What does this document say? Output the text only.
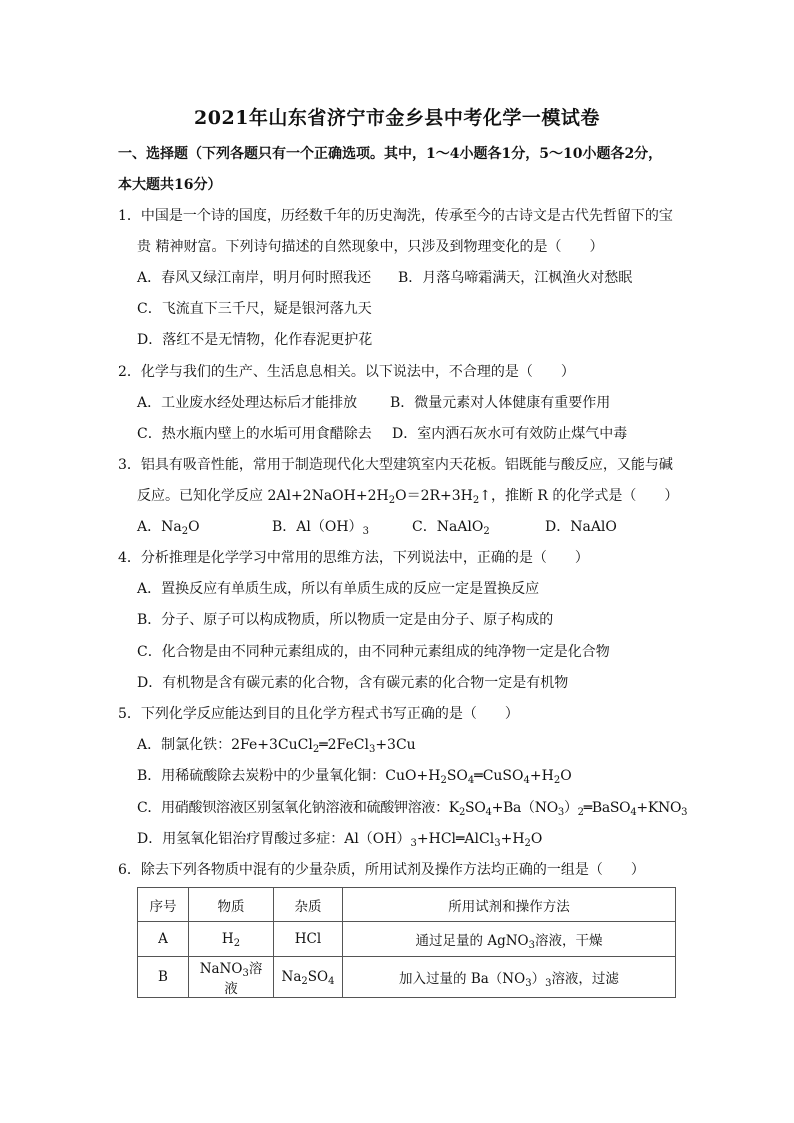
2021年山东省济宁市金乡县中考化学一模试卷
一、选择题（下列各题只有一个正确选项。其中，1～4小题各1分，5～10小题各2分，
本大题共16分）
1．中国是一个诗的国度，历经数千年的历史淘洗，传承至今的古诗文是古代先哲留下的宝
贵 精神财富。下列诗句描述的自然现象中，只涉及到物理变化的是（　　）
A．春风又绿江南岸，明月何时照我还 B．月落乌啼霜满天，江枫渔火对愁眠
C．飞流直下三千尺，疑是银河落九天
D．落红不是无情物，化作春泥更护花
2．化学与我们的生产、生活息息相关。以下说法中，不合理的是（　　）
A．工业废水经处理达标后才能排放 B．微量元素对人体健康有重要作用
C．热水瓶内壁上的水垢可用食醋除去 D．室内洒石灰水可有效防止煤气中毒
3．铝具有吸音性能，常用于制造现代化大型建筑室内天花板。铝既能与酸反应，又能与碱
反应。已知化学反应 $2Al+2NaOH+2H_2O=2R+3H_2↑$，推断 R 的化学式是（　　）
A．$Na_2O$	B．$Al(OH)_3$	C．NaAlO$_2$	D．NaAlO
4．分析推理是化学学习中常用的思维方法，下列说法中，正确的是（　　）
A．置换反应有单质生成，所以有单质生成的反应一定是置换反应
B．分子、原子可以构成物质，所以物质一定是由分子、原子构成的
C．化合物是由不同种元素组成的，由不同种元素组成的纯净物一定是化合物
D．有机物是含有碳元素的化合物，含有碳元素的化合物一定是有机物
5．下列化学反应能达到目的且化学方程式书写正确的是（　　）
A．制氯化铁：2Fe+3CuCl$_2$═2FeCl$_3$+3Cu
B．用稀硫酸除去炭粉中的少量氧化铜：$CuO+H_2SO_4═CuSO_4+H_2O$
C．用硝酸钡溶液区别氢氧化钠溶液和硫酸钾溶液：$K_2SO_4+Ba(NO_3)_2═BaSO_4+KNO_3$
D．用氢氧化铝治疗胃酸过多症：$Al(OH)_3+HCl═AlCl_3+H_2O$
6．除去下列各物质中混有的少量杂质，所用试剂及操作方法均正确的一组是（　　）
序号	物质	杂质	所用试剂和操作方法
A	$H_2$	HCl	通过足量的 AgNO$_3$溶液，干燥
B	NaNO$_3$溶液	$Na_2SO_4$	加入过量的 $Ba(NO_3)_3$溶液，过滤
